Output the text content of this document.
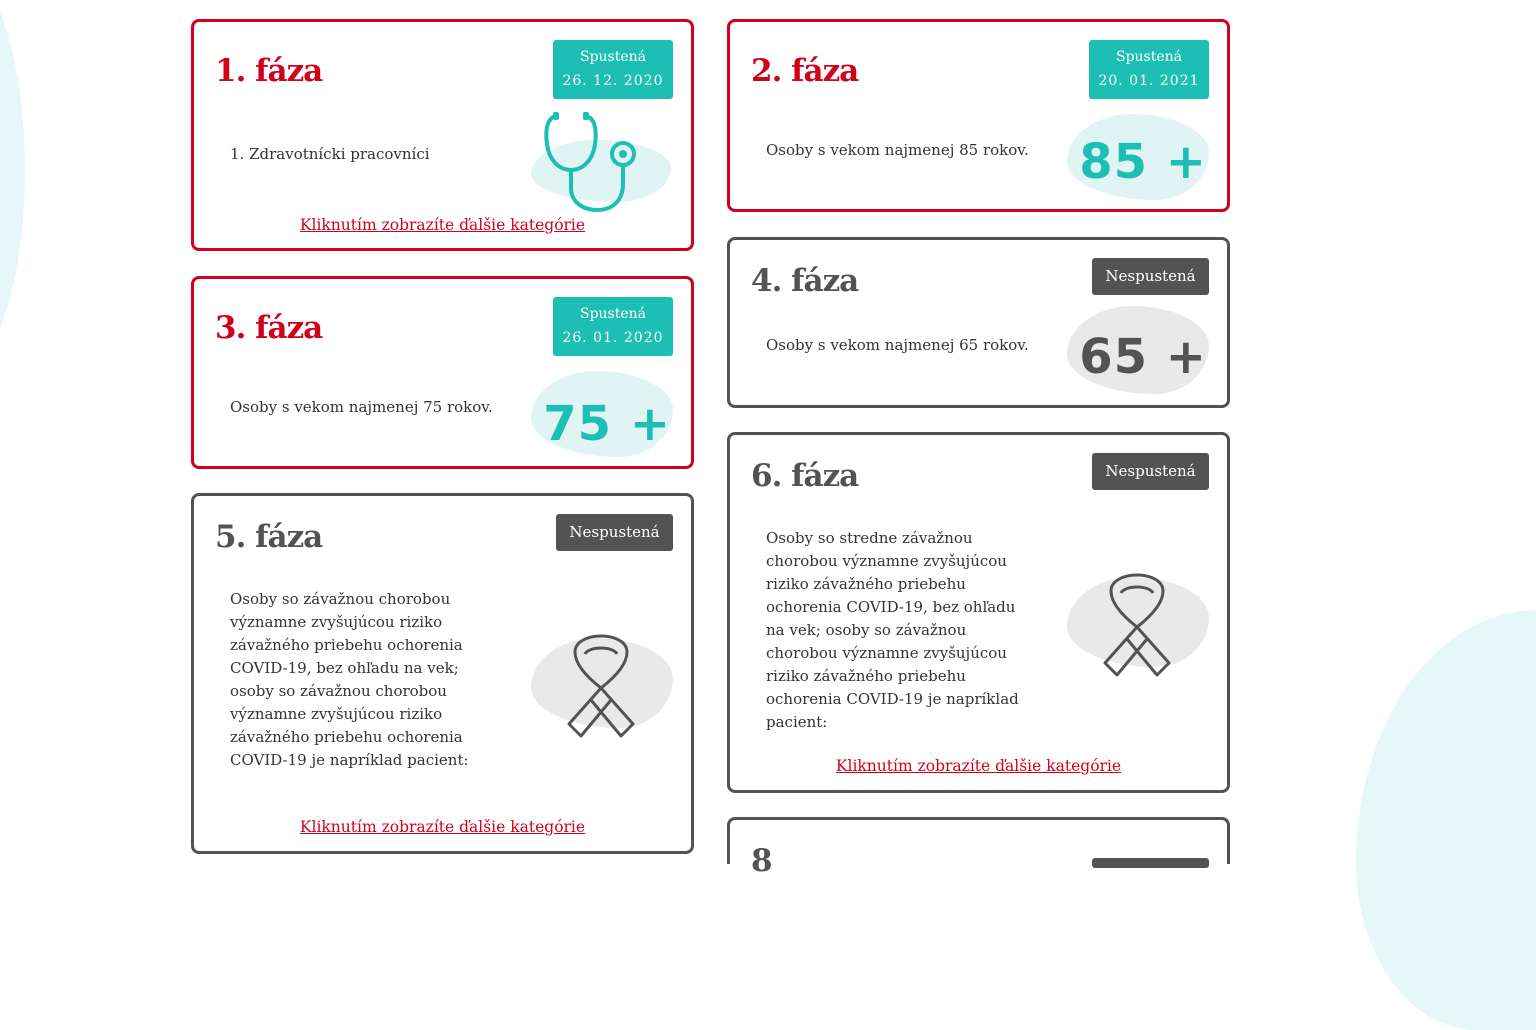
1. fáza	Spustená
26. 12. 2020

1. Zdravotnícki pracovníci

Kliknutím zobrazíte ďalšie kategórie
2. fáza	Spustená
20. 01. 2021

Osoby s vekom najmenej 85 rokov.	85 +
3. fáza	Spustená
26. 01. 2020

Osoby s vekom najmenej 75 rokov.	75 +
4. fáza	Nespustená

Osoby s vekom najmenej 65 rokov.	65 +
5. fáza	Nespustená

Osoby so závažnou chorobou významne zvyšujúcou riziko závažného priebehu ochorenia COVID-19, bez ohľadu na vek; osoby so závažnou chorobou významne zvyšujúcou riziko závažného priebehu ochorenia COVID-19 je napríklad pacient:

Kliknutím zobrazíte ďalšie kategórie
6. fáza	Nespustená

Osoby so stredne závažnou chorobou významne zvyšujúcou riziko závažného priebehu ochorenia COVID-19, bez ohľadu na vek; osoby so závažnou chorobou významne zvyšujúcou riziko závažného priebehu ochorenia COVID-19 je napríklad pacient:

Kliknutím zobrazíte ďalšie kategórie
8
